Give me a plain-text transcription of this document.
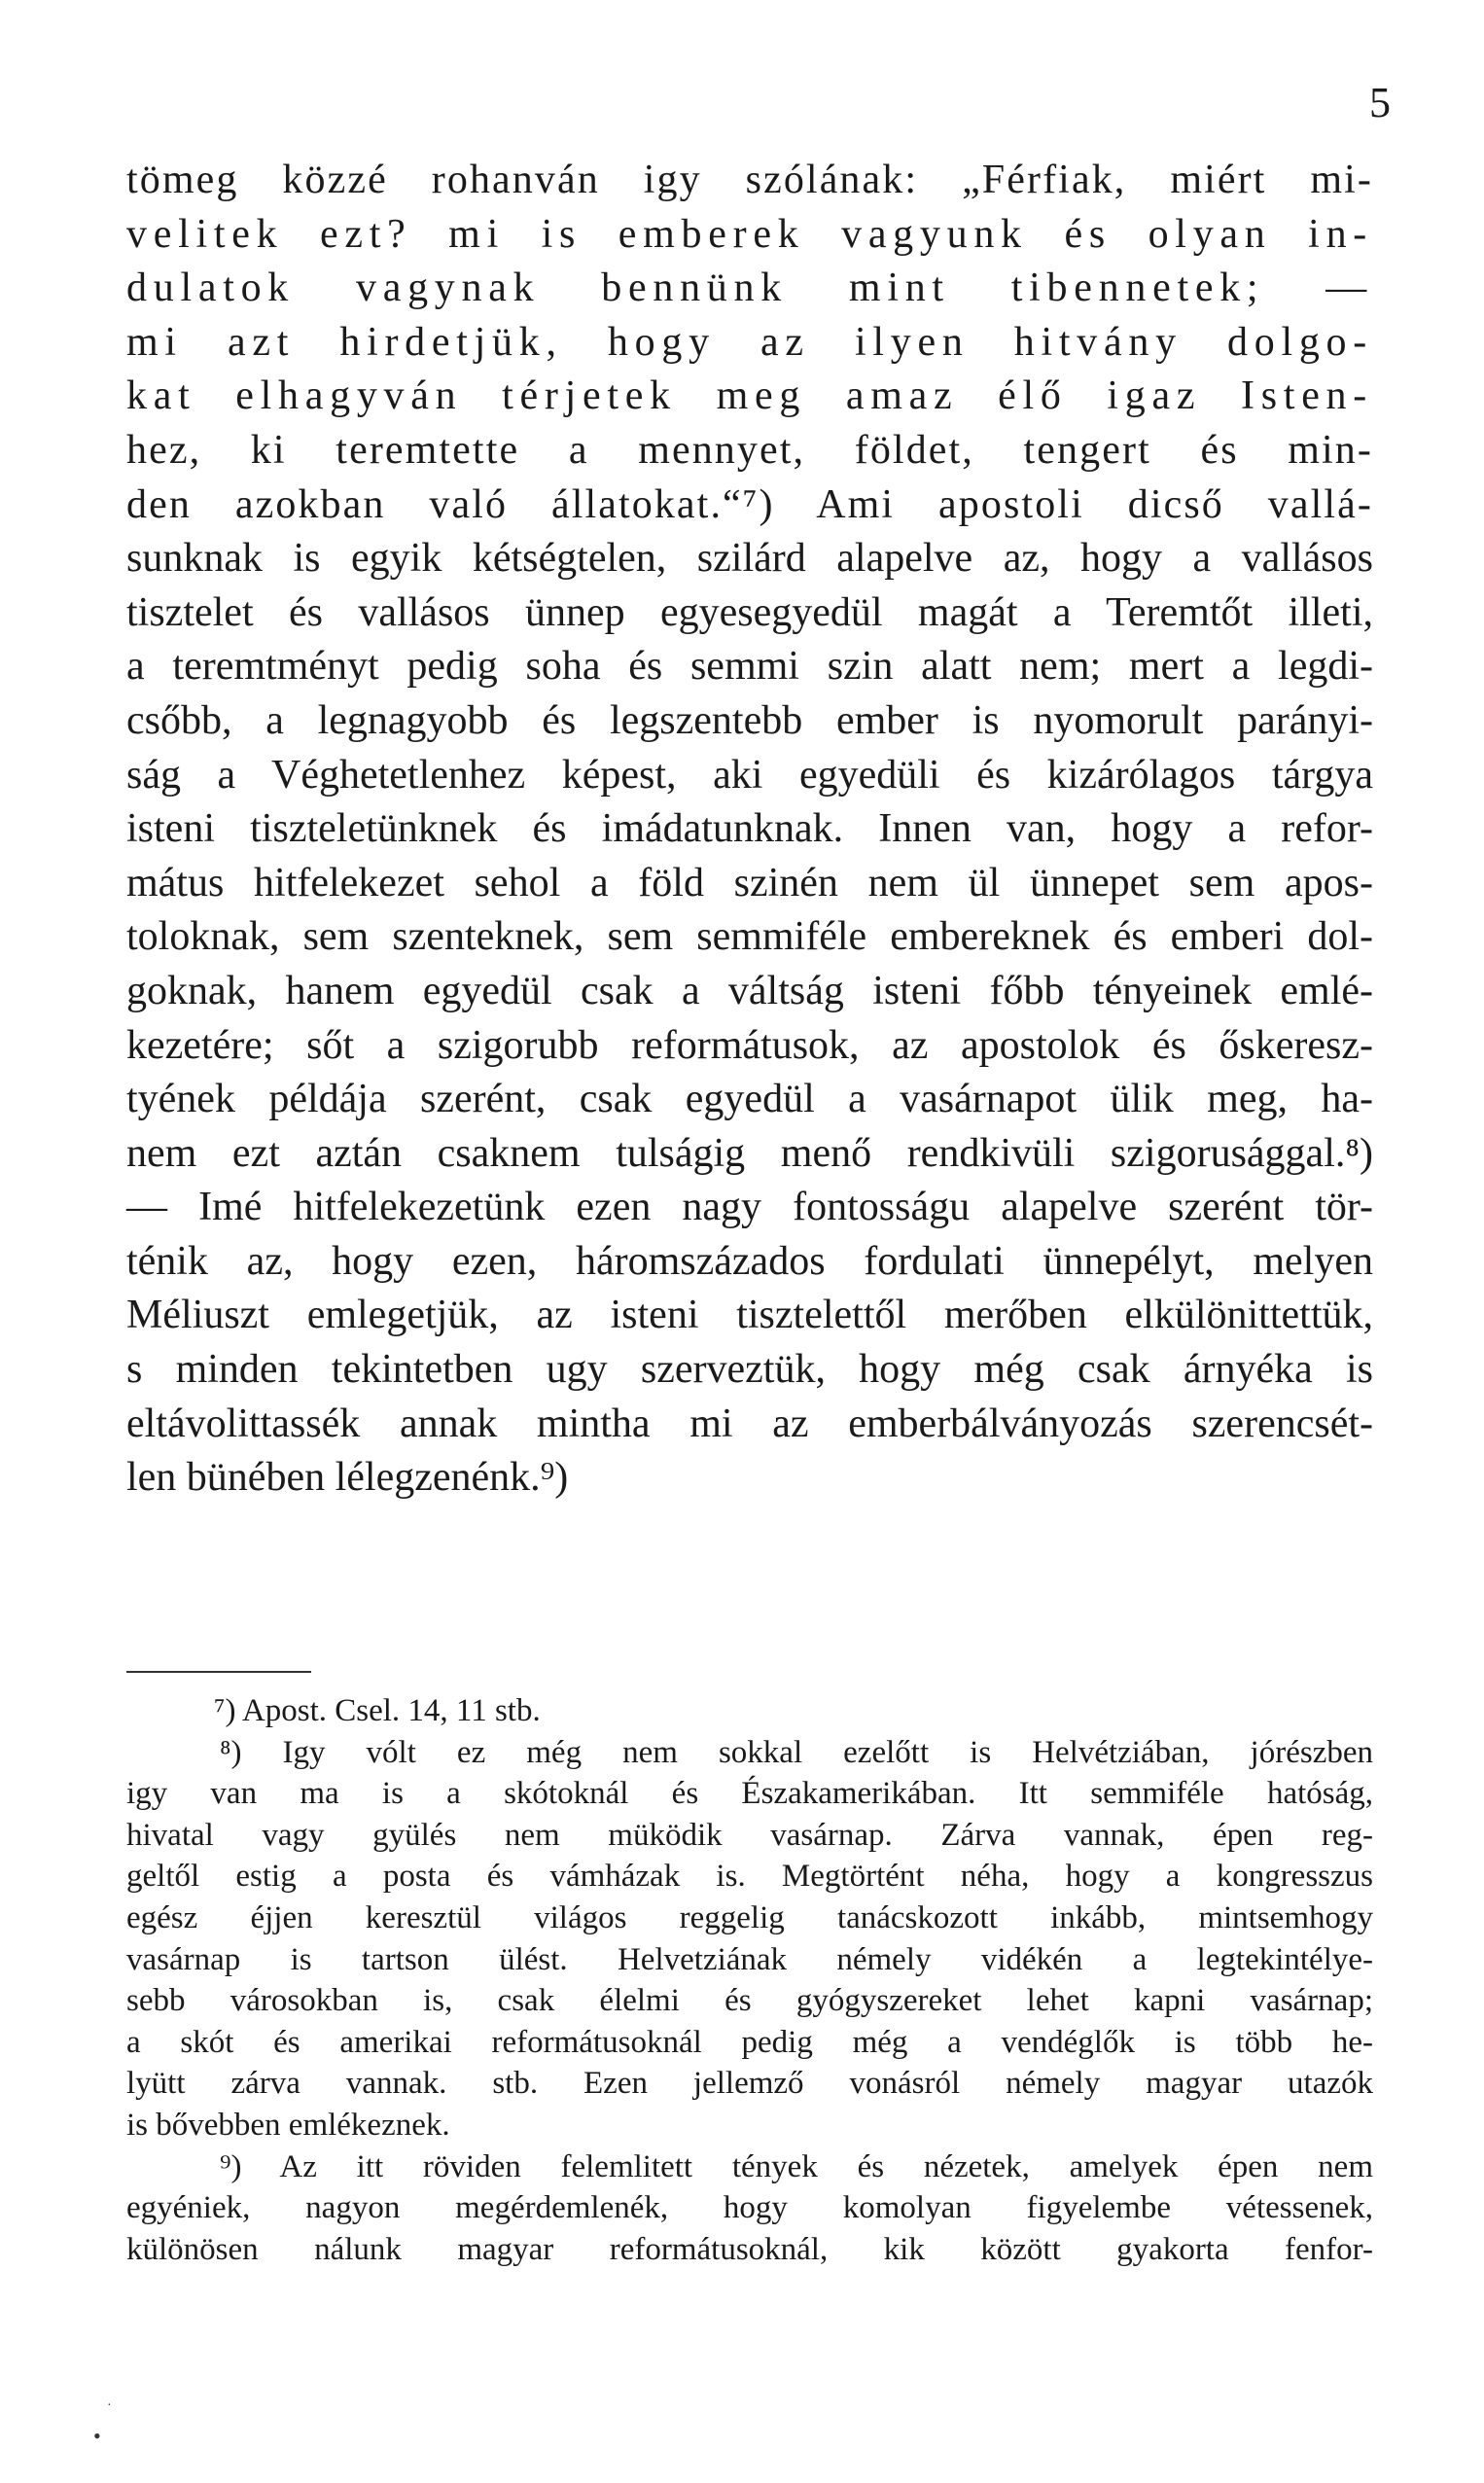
5
tömeg közzé rohanván igy szólának: „Férfiak, miért mi-
velitek ezt? mi is emberek vagyunk és olyan in-
dulatok vagynak bennünk mint tibennetek; —
mi azt hirdetjük, hogy az ilyen hitvány dolgo-
kat elhagyván térjetek meg amaz élő igaz Isten-
hez, ki teremtette a mennyet, földet, tengert és min-
den azokban való állatokat.“⁷) Ami apostoli dicső vallá-
sunknak is egyik kétségtelen, szilárd alapelve az, hogy a vallásos
tisztelet és vallásos ünnep egyesegyedül magát a Teremtőt illeti,
a teremtményt pedig soha és semmi szin alatt nem; mert a legdi-
csőbb, a legnagyobb és legszentebb ember is nyomorult parányi-
ság a Véghetetlenhez képest, aki egyedüli és kizárólagos tárgya
isteni tiszteletünknek és imádatunknak. Innen van, hogy a refor-
mátus hitfelekezet sehol a föld szinén nem ül ünnepet sem apos-
toloknak, sem szenteknek, sem semmiféle embereknek és emberi dol-
goknak, hanem egyedül csak a váltság isteni főbb tényeinek emlé-
kezetére; sőt a szigorubb reformátusok, az apostolok és őskeresz-
tyének példája szerént, csak egyedül a vasárnapot ülik meg, ha-
nem ezt aztán csaknem tulságig menő rendkivüli szigorusággal.⁸)
— Imé hitfelekezetünk ezen nagy fontosságu alapelve szerént tör-
ténik az, hogy ezen, háromszázados fordulati ünnepélyt, melyen
Méliuszt emlegetjük, az isteni tisztelettől merőben elkülönittettük,
s minden tekintetben ugy szerveztük, hogy még csak árnyéka is
eltávolittassék annak mintha mi az emberbálványozás szerencsét-
len bünében lélegzenénk.⁹)
⁷) Apost. Csel. 14, 11 stb.
⁸) Igy vólt ez még nem sokkal ezelőtt is Helvétziában, jórészben
igy van ma is a skótoknál és Északamerikában. Itt semmiféle hatóság,
hivatal vagy gyülés nem müködik vasárnap. Zárva vannak, épen reg-
geltől estig a posta és vámházak is. Megtörtént néha, hogy a kongresszus
egész éjjen keresztül világos reggelig tanácskozott inkább, mintsemhogy
vasárnap is tartson ülést. Helvetziának némely vidékén a legtekintélye-
sebb városokban is, csak élelmi és gyógyszereket lehet kapni vasárnap;
a skót és amerikai reformátusoknál pedig még a vendéglők is több he-
lyütt zárva vannak. stb. Ezen jellemző vonásról némely magyar utazók
is bővebben emlékeznek.
⁹) Az itt röviden felemlitett tények és nézetek, amelyek épen nem
egyéniek, nagyon megérdemlenék, hogy komolyan figyelembe vétessenek,
különösen nálunk magyar reformátusoknál, kik között gyakorta fenfor-
•
·
